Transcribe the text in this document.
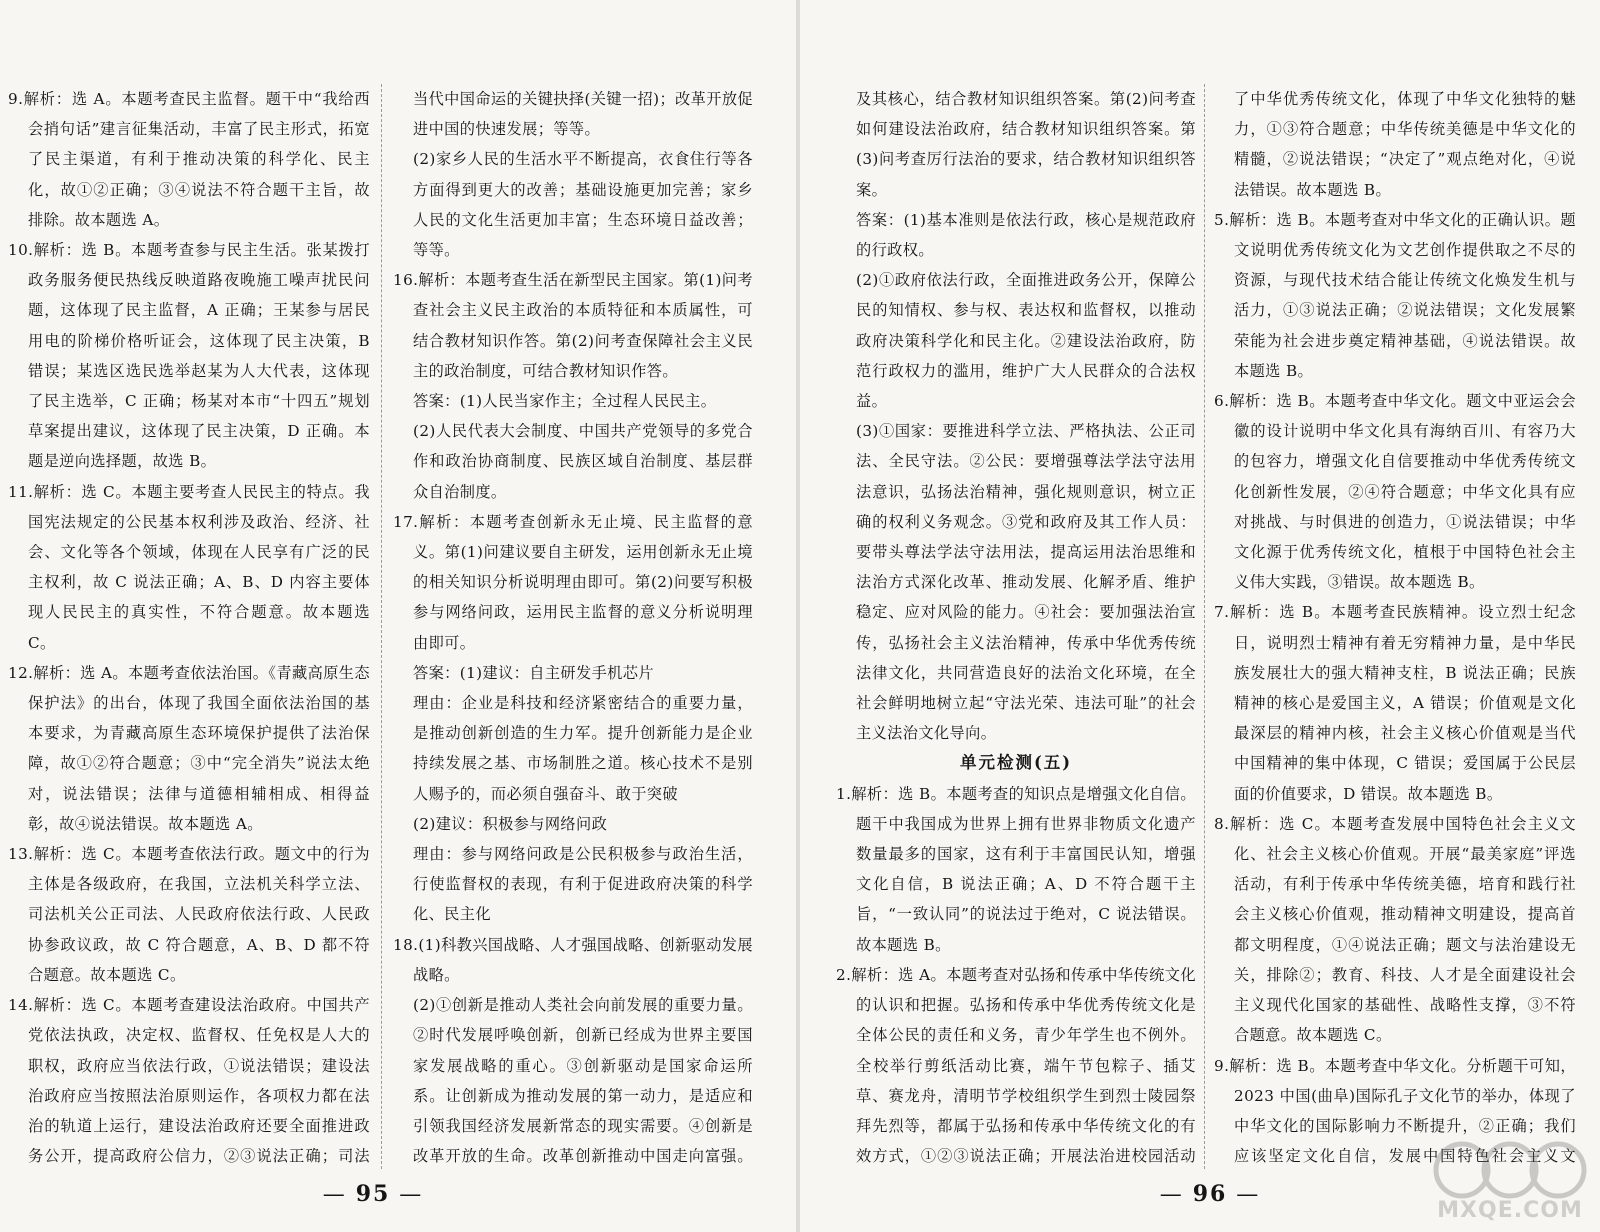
9.解析：选 A。本题考查民主监督。题干中“我给西会捎句话”建言征集活动，丰富了民主形式，拓宽了民主渠道，有利于推动决策的科学化、民主化，故①②正确；③④说法不符合题干主旨，故排除。故本题选 A。

10.解析：选 B。本题考查参与民主生活。张某拨打政务服务便民热线反映道路夜晚施工噪声扰民问题，这体现了民主监督，A 正确；王某参与居民用电的阶梯价格听证会，这体现了民主决策，B 错误；某选区选民选举赵某为人大代表，这体现了民主选举，C 正确；杨某对本市“十四五”规划草案提出建议，这体现了民主决策，D 正确。本题是逆向选择题，故选 B。

11.解析：选 C。本题主要考查人民民主的特点。我国宪法规定的公民基本权利涉及政治、经济、社会、文化等各个领域，体现在人民享有广泛的民主权利，故 C 说法正确；A、B、D 内容主要体现人民民主的真实性，不符合题意。故本题选 C。

12.解析：选 A。本题考查依法治国。《青藏高原生态保护法》的出台，体现了我国全面依法治国的基本要求，为青藏高原生态环境保护提供了法治保障，故①②符合题意；③中“完全消失”说法太绝对，说法错误；法律与道德相辅相成、相得益彰，故④说法错误。故本题选 A。

13.解析：选 C。本题考查依法行政。题文中的行为主体是各级政府，在我国，立法机关科学立法、司法机关公正司法、人民政府依法行政、人民政协参政议政，故 C 符合题意，A、B、D 都不符合题意。故本题选 C。

14.解析：选 C。本题考查建设法治政府。中国共产党依法执政，决定权、监督权、任免权是人大的职权，政府应当依法行政，①说法错误；建设法治政府应当按照法治原则运作，各项权力都在法治的轨道上运行，建设法治政府还要全面推进政务公开，提高政府公信力，②③说法正确；司法

当代中国命运的关键抉择(关键一招)；改革开放促进中国的快速发展；等等。

(2)家乡人民的生活水平不断提高，衣食住行等各方面得到更大的改善；基础设施更加完善；家乡人民的文化生活更加丰富；生态环境日益改善；等等。

16.解析：本题考查生活在新型民主国家。第(1)问考查社会主义民主政治的本质特征和本质属性，可结合教材知识作答。第(2)问考查保障社会主义民主的政治制度，可结合教材知识作答。

答案：(1)人民当家作主；全过程人民民主。

(2)人民代表大会制度、中国共产党领导的多党合作和政治协商制度、民族区域自治制度、基层群众自治制度。

17.解析：本题考查创新永无止境、民主监督的意义。第(1)问建议要自主研发，运用创新永无止境的相关知识分析说明理由即可。第(2)问要写积极参与网络问政，运用民主监督的意义分析说明理由即可。

答案：(1)建议：自主研发手机芯片

理由：企业是科技和经济紧密结合的重要力量，是推动创新创造的生力军。提升创新能力是企业持续发展之基、市场制胜之道。核心技术不是别人赐予的，而必须自强奋斗、敢于突破

(2)建议：积极参与网络问政

理由：参与网络问政是公民积极参与政治生活，行使监督权的表现，有利于促进政府决策的科学化、民主化

18.(1)科教兴国战略、人才强国战略、创新驱动发展战略。

(2)①创新是推动人类社会向前发展的重要力量。②时代发展呼唤创新，创新已经成为世界主要国家发展战略的重心。③创新驱动是国家命运所系。让创新成为推动发展的第一动力，是适应和引领我国经济发展新常态的现实需要。④创新是改革开放的生命。改革创新推动中国走向富强。

— 95 —

及其核心，结合教材知识组织答案。第(2)问考查如何建设法治政府，结合教材知识组织答案。第(3)问考查厉行法治的要求，结合教材知识组织答案。

答案：(1)基本准则是依法行政，核心是规范政府的行政权。

(2)①政府依法行政，全面推进政务公开，保障公民的知情权、参与权、表达权和监督权，以推动政府决策科学化和民主化。②建设法治政府，防范行政权力的滥用，维护广大人民群众的合法权益。

(3)①国家：要推进科学立法、严格执法、公正司法、全民守法。②公民：要增强尊法学法守法用法意识，弘扬法治精神，强化规则意识，树立正确的权利义务观念。③党和政府及其工作人员：要带头尊法学法守法用法，提高运用法治思维和法治方式深化改革、推动发展、化解矛盾、维护稳定、应对风险的能力。④社会：要加强法治宣传，弘扬社会主义法治精神，传承中华优秀传统法律文化，共同营造良好的法治文化环境，在全社会鲜明地树立起“守法光荣、违法可耻”的社会主义法治文化导向。

单元检测(五)

1.解析：选 B。本题考查的知识点是增强文化自信。题干中我国成为世界上拥有世界非物质文化遗产数量最多的国家，这有利于丰富国民认知，增强文化自信，B 说法正确；A、D 不符合题干主旨，“一致认同”的说法过于绝对，C 说法错误。故本题选 B。

2.解析：选 A。本题考查对弘扬和传承中华传统文化的认识和把握。弘扬和传承中华优秀传统文化是全体公民的责任和义务，青少年学生也不例外。全校举行剪纸活动比赛，端午节包粽子、插艾草、赛龙舟，清明节学校组织学生到烈士陵园祭拜先烈等，都属于弘扬和传承中华传统文化的有效方式，①②③说法正确；开展法治进校园活动

了中华优秀传统文化，体现了中华文化独特的魅力，①③符合题意；中华传统美德是中华文化的精髓，②说法错误；“决定了”观点绝对化，④说法错误。故本题选 B。

5.解析：选 B。本题考查对中华文化的正确认识。题文说明优秀传统文化为文艺创作提供取之不尽的资源，与现代技术结合能让传统文化焕发生机与活力，①③说法正确；②说法错误；文化发展繁荣能为社会进步奠定精神基础，④说法错误。故本题选 B。

6.解析：选 B。本题考查中华文化。题文中亚运会会徽的设计说明中华文化具有海纳百川、有容乃大的包容力，增强文化自信要推动中华优秀传统文化创新性发展，②④符合题意；中华文化具有应对挑战、与时俱进的创造力，①说法错误；中华文化源于优秀传统文化，植根于中国特色社会主义伟大实践，③错误。故本题选 B。

7.解析：选 B。本题考查民族精神。设立烈士纪念日，说明烈士精神有着无穷精神力量，是中华民族发展壮大的强大精神支柱，B 说法正确；民族精神的核心是爱国主义，A 错误；价值观是文化最深层的精神内核，社会主义核心价值观是当代中国精神的集中体现，C 错误；爱国属于公民层面的价值要求，D 错误。故本题选 B。

8.解析：选 C。本题考查发展中国特色社会主义文化、社会主义核心价值观。开展“最美家庭”评选活动，有利于传承中华传统美德，培育和践行社会主义核心价值观，推动精神文明建设，提高首都文明程度，①④说法正确；题文与法治建设无关，排除②；教育、科技、人才是全面建设社会主义现代化国家的基础性、战略性支撑，③不符合题意。故本题选 C。

9.解析：选 B。本题考查中华文化。分析题干可知，2023 中国(曲阜)国际孔子文化节的举办，体现了中华文化的国际影响力不断提升，②正确；我们应该坚定文化自信，发展中国特色社会主义文

— 96 —
MXQE.COM
